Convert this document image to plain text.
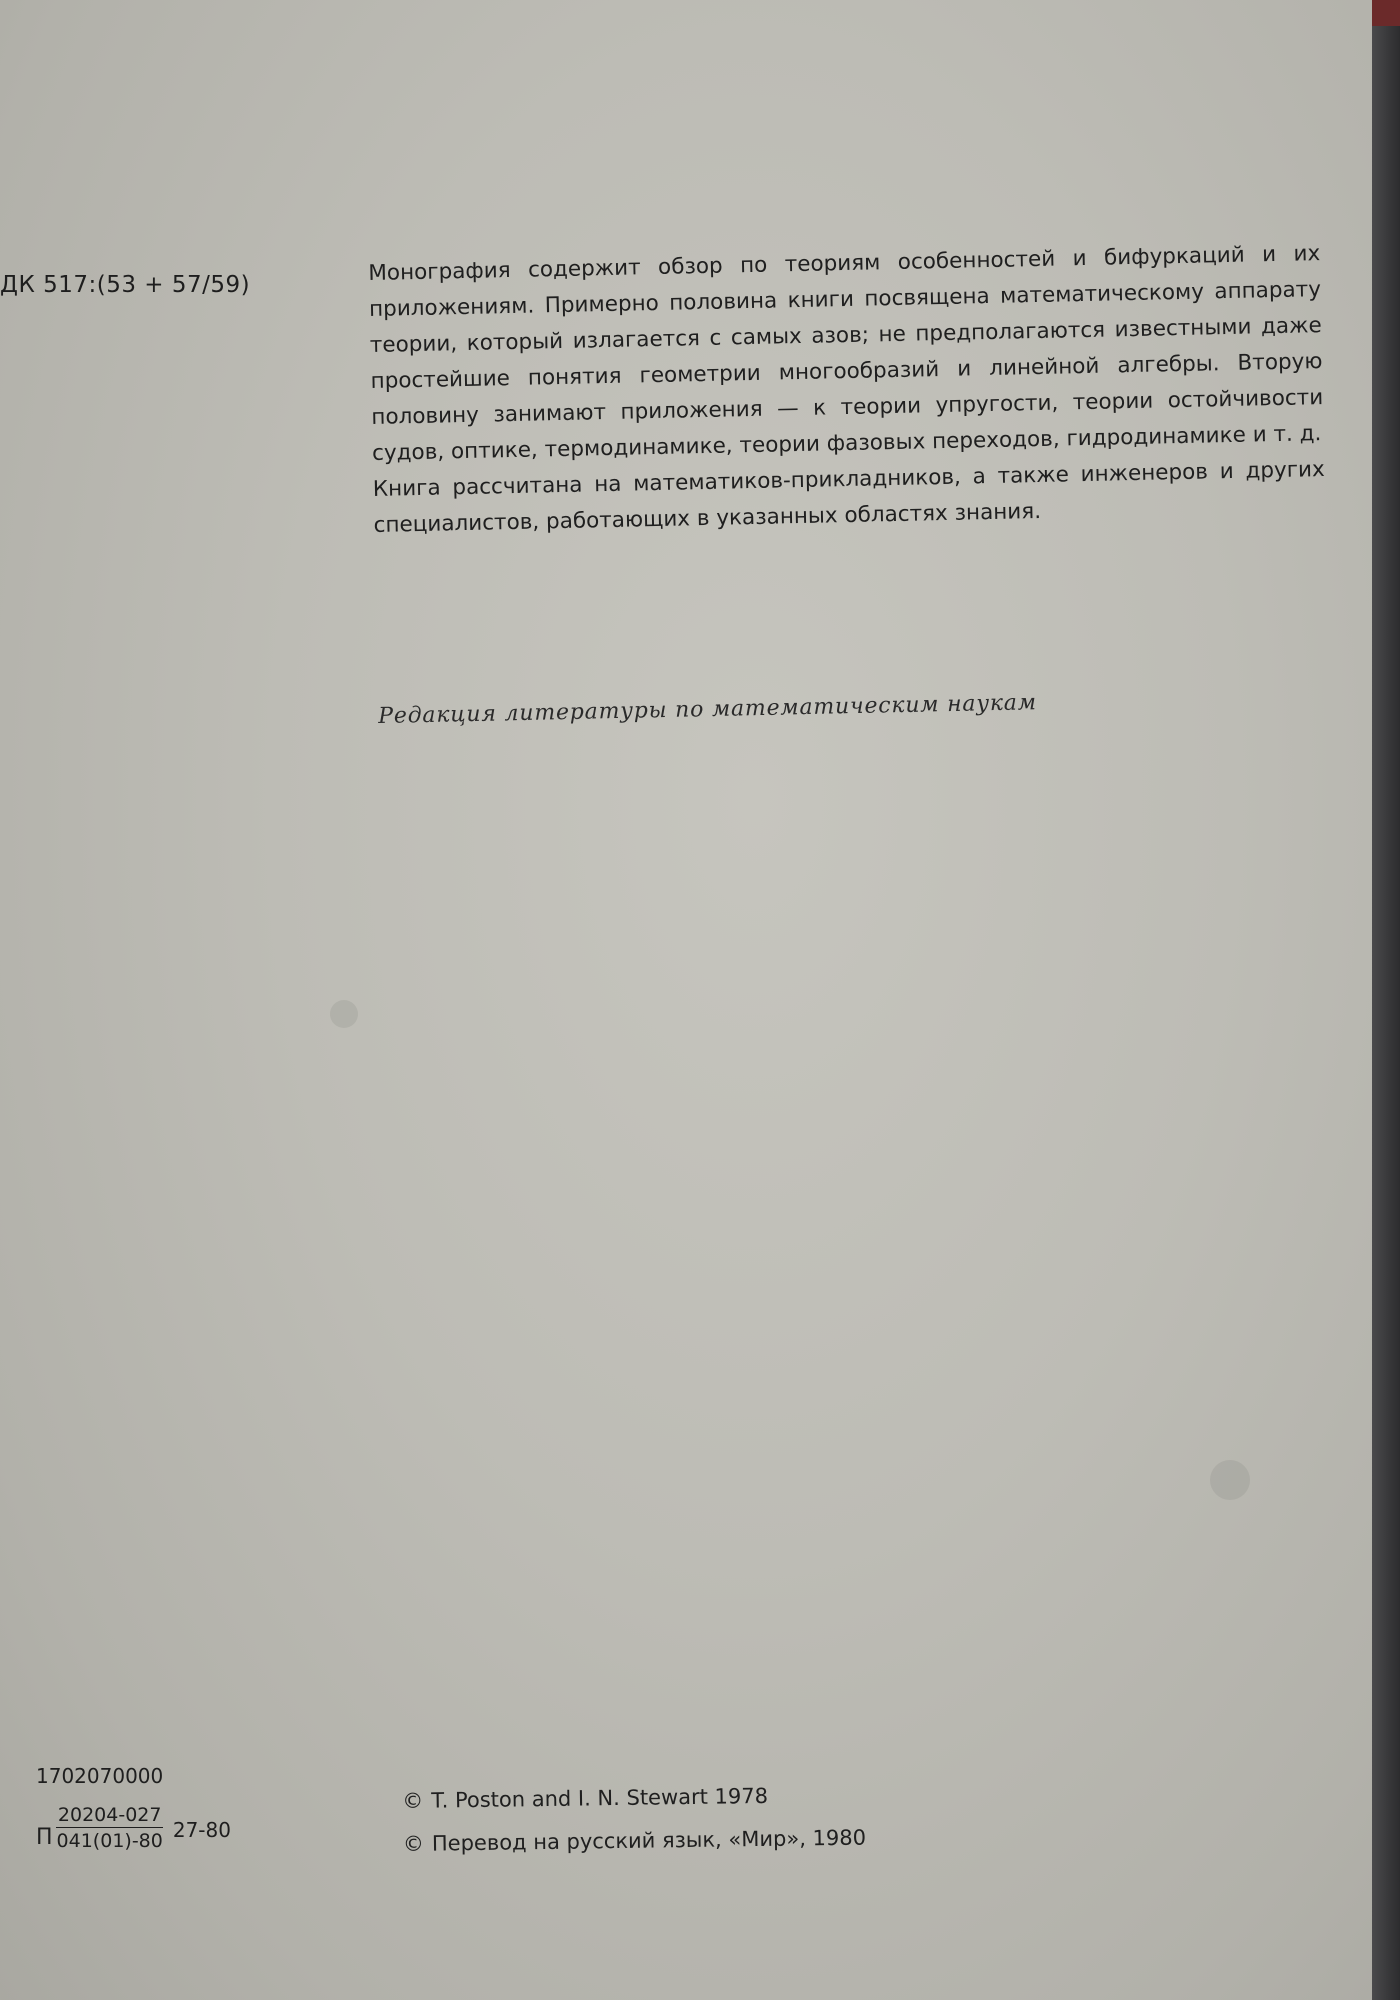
ДК 517:(53 + 57/59)	Монография содержит обзор по теориям особенностей и бифуркаций и их приложениям. Примерно половина книги посвящена математическому аппарату теории, который излагается с самых азов; не предполагаются известными даже простейшие понятия геометрии многообразий и линейной алгебры. Вторую половину занимают приложения — к теории упругости, теории остойчивости судов, оптике, термодинамике, теории фазовых переходов, гидродинамике и т. д.

Книга рассчитана на математиков-прикладников, а также инженеров и других специалистов, работающих в указанных областях знания.

Редакция литературы по математическим наукам
1702070000
П $\frac{20204-027}{041(01)-80} 27-80$
© T. Poston and I. N. Stewart 1978
© Перевод на русский язык, «Мир», 1980
